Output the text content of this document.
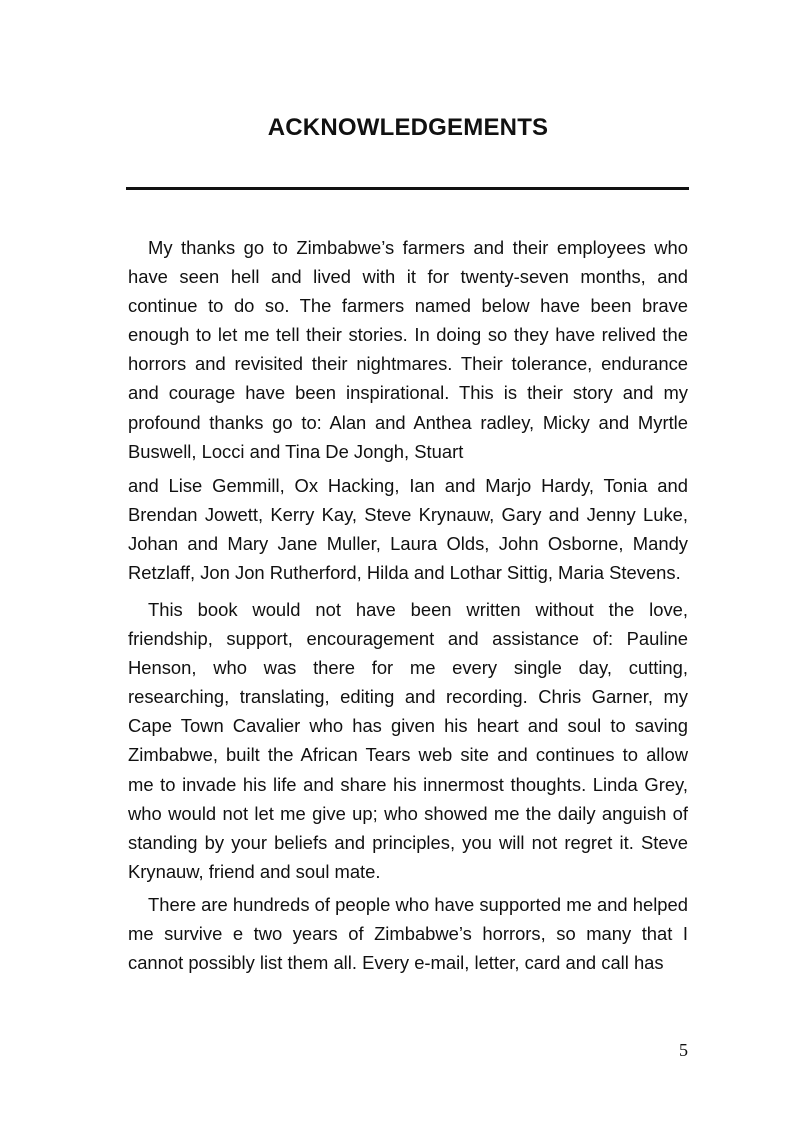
ACKNOWLEDGEMENTS

My thanks go to Zimbabwe’s farmers and their employees who have seen hell and lived with it for twenty-seven months, and continue to do so. The farmers named below have been brave enough to let me tell their stories. In doing so they have relived the horrors and revisited their nightmares. Their tolerance, endurance and courage have been inspirational. This is their story and my profound thanks go to: Alan and Anthea radley, Micky and Myrtle Buswell, Locci and Tina De Jongh, Stuart

and Lise Gemmill, Ox Hacking, Ian and Marjo Hardy, Tonia and Brendan Jowett, Kerry Kay, Steve Krynauw, Gary and Jenny Luke, Johan and Mary Jane Muller, Laura Olds, John Osborne, Mandy Retzlaff, Jon Jon Rutherford, Hilda and Lothar Sittig, Maria Stevens.

This book would not have been written without the love, friendship, support, encouragement and assistance of: Pauline Henson, who was there for me every single day, cutting, researching, translating, editing and recording. Chris Garner, my Cape Town Cavalier who has given his heart and soul to saving Zimbabwe, built the African Tears web site and continues to allow me to invade his life and share his innermost thoughts. Linda Grey, who would not let me give up; who showed me the daily anguish of standing by your beliefs and principles, you will not regret it. Steve Krynauw, friend and soul mate.

There are hundreds of people who have supported me and helped me survive e two years of Zimbabwe’s horrors, so many that I cannot possibly list them all. Every e-mail, letter, card and call has

5
